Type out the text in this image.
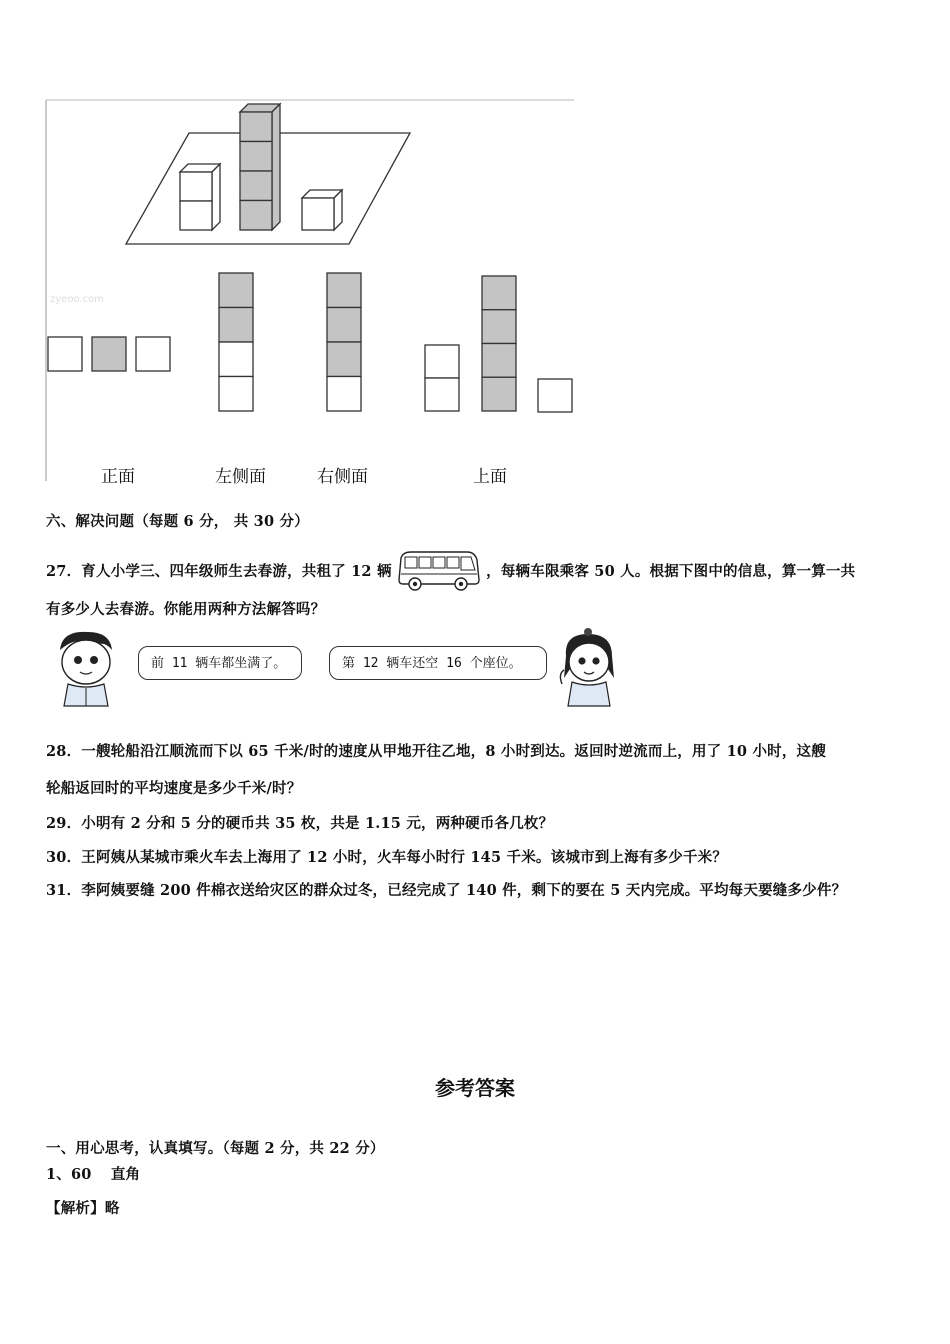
zyeoo.com
正面	左侧面	右侧面	上面
六、解决问题（每题 6 分， 共 30 分）
27．育人小学三、四年级师生去春游，共租了 12 辆	，每辆车限乘客 50 人。根据下图中的信息，算一算一共
有多少人去春游。你能用两种方法解答吗？
前 11 辆车都坐满了。	第 12 辆车还空 16 个座位。
28．一艘轮船沿江顺流而下以 65 千米/时的速度从甲地开往乙地，8 小时到达。返回时逆流而上，用了 10 小时，这艘
轮船返回时的平均速度是多少千米/时？
29．小明有 2 分和 5 分的硬币共 35 枚，共是 1.15 元，两种硬币各几枚？
30．王阿姨从某城市乘火车去上海用了 12 小时，火车每小时行 145 千米。该城市到上海有多少千米？
31．李阿姨要缝 200 件棉衣送给灾区的群众过冬，已经完成了 140 件，剩下的要在 5 天内完成。平均每天要缝多少件？
参考答案
一、用心思考，认真填写。（每题 2 分，共 22 分）
1、60 直角
【解析】略
